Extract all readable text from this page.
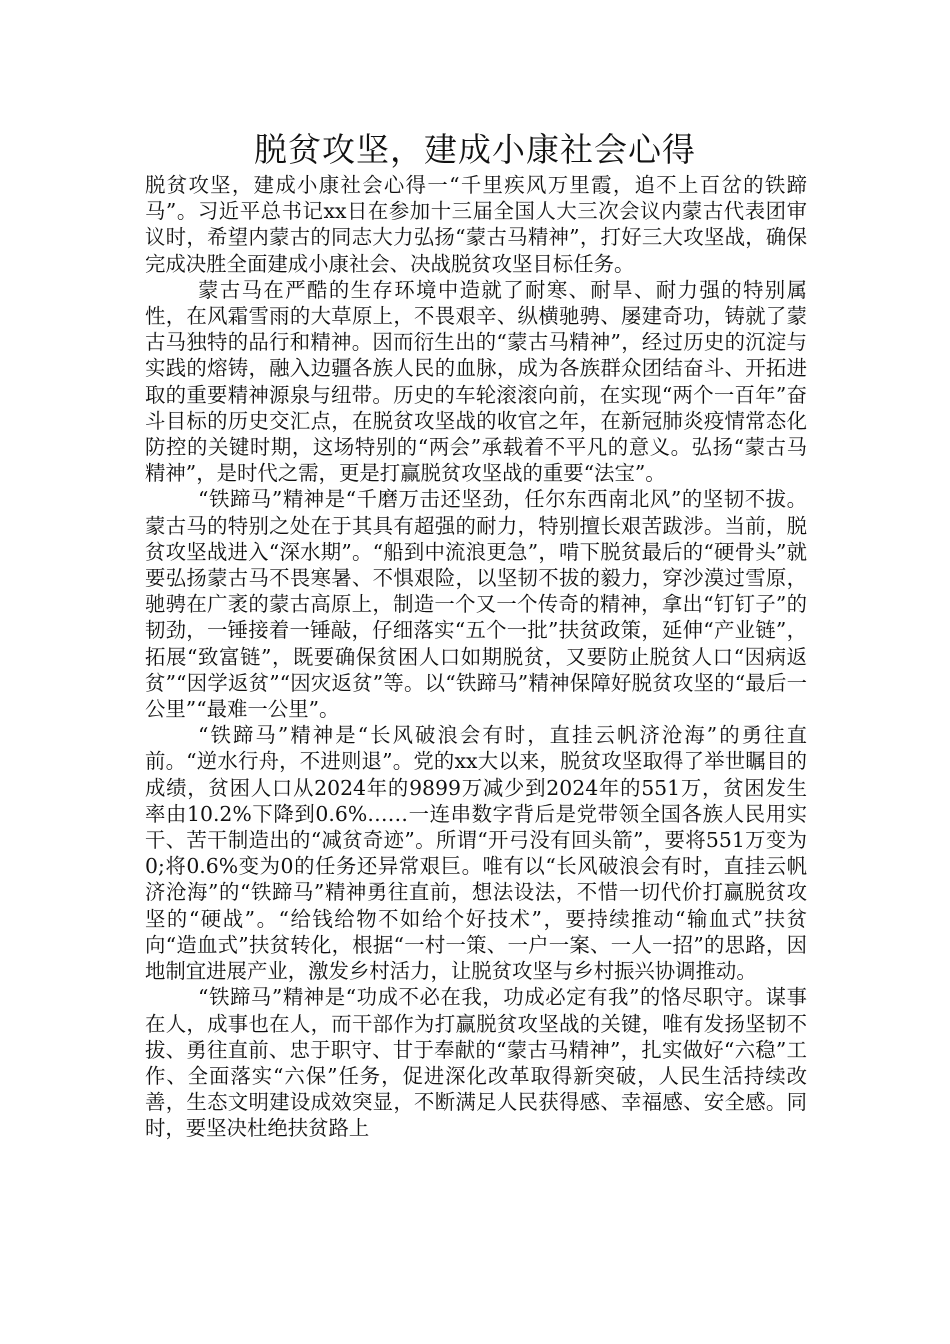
脱贫攻坚，建成小康社会心得

脱贫攻坚，建成小康社会心得一“千里疾风万里霞，追不上百岔的铁蹄马”。习近平总书记xx日在参加十三届全国人大三次会议内蒙古代表团审议时，希望内蒙古的同志大力弘扬“蒙古马精神”，打好三大攻坚战，确保完成决胜全面建成小康社会、决战脱贫攻坚目标任务。

蒙古马在严酷的生存环境中造就了耐寒、耐旱、耐力强的特别属性，在风霜雪雨的大草原上，不畏艰辛、纵横驰骋、屡建奇功，铸就了蒙古马独特的品行和精神。因而衍生出的“蒙古马精神”，经过历史的沉淀与实践的熔铸，融入边疆各族人民的血脉，成为各族群众团结奋斗、开拓进取的重要精神源泉与纽带。历史的车轮滚滚向前，在实现“两个一百年”奋斗目标的历史交汇点，在脱贫攻坚战的收官之年，在新冠肺炎疫情常态化防控的关键时期，这场特别的“两会”承载着不平凡的意义。弘扬“蒙古马精神”，是时代之需，更是打赢脱贫攻坚战的重要“法宝”。

“铁蹄马”精神是“千磨万击还坚劲，任尔东西南北风”的坚韧不拔。蒙古马的特别之处在于其具有超强的耐力，特别擅长艰苦跋涉。当前，脱贫攻坚战进入“深水期”。“船到中流浪更急”，啃下脱贫最后的“硬骨头”就要弘扬蒙古马不畏寒暑、不惧艰险，以坚韧不拔的毅力，穿沙漠过雪原，驰骋在广袤的蒙古高原上，制造一个又一个传奇的精神，拿出“钉钉子”的韧劲，一锤接着一锤敲，仔细落实“五个一批”扶贫政策，延伸“产业链”，拓展“致富链”，既要确保贫困人口如期脱贫，又要防止脱贫人口“因病返贫”“因学返贫”“因灾返贫”等。以“铁蹄马”精神保障好脱贫攻坚的“最后一公里”“最难一公里”。

“铁蹄马”精神是“长风破浪会有时，直挂云帆济沧海”的勇往直前。“逆水行舟，不进则退”。党的xx大以来，脱贫攻坚取得了举世瞩目的成绩，贫困人口从2024年的9899万减少到2024年的551万，贫困发生率由10.2%下降到0.6%……一连串数字背后是党带领全国各族人民用实干、苦干制造出的“减贫奇迹”。所谓“开弓没有回头箭”，要将551万变为0;将0.6%变为0的任务还异常艰巨。唯有以“长风破浪会有时，直挂云帆济沧海”的“铁蹄马”精神勇往直前，想法设法，不惜一切代价打赢脱贫攻坚的“硬战”。“给钱给物不如给个好技术”，要持续推动“输血式”扶贫向“造血式”扶贫转化，根据“一村一策、一户一案、一人一招”的思路，因地制宜进展产业，激发乡村活力，让脱贫攻坚与乡村振兴协调推动。

“铁蹄马”精神是“功成不必在我，功成必定有我”的恪尽职守。谋事在人，成事也在人，而干部作为打赢脱贫攻坚战的关键，唯有发扬坚韧不拔、勇往直前、忠于职守、甘于奉献的“蒙古马精神”，扎实做好“六稳”工作、全面落实“六保”任务，促进深化改革取得新突破，人民生活持续改善，生态文明建设成效突显，不断满足人民获得感、幸福感、安全感。同时，要坚决杜绝扶贫路上
